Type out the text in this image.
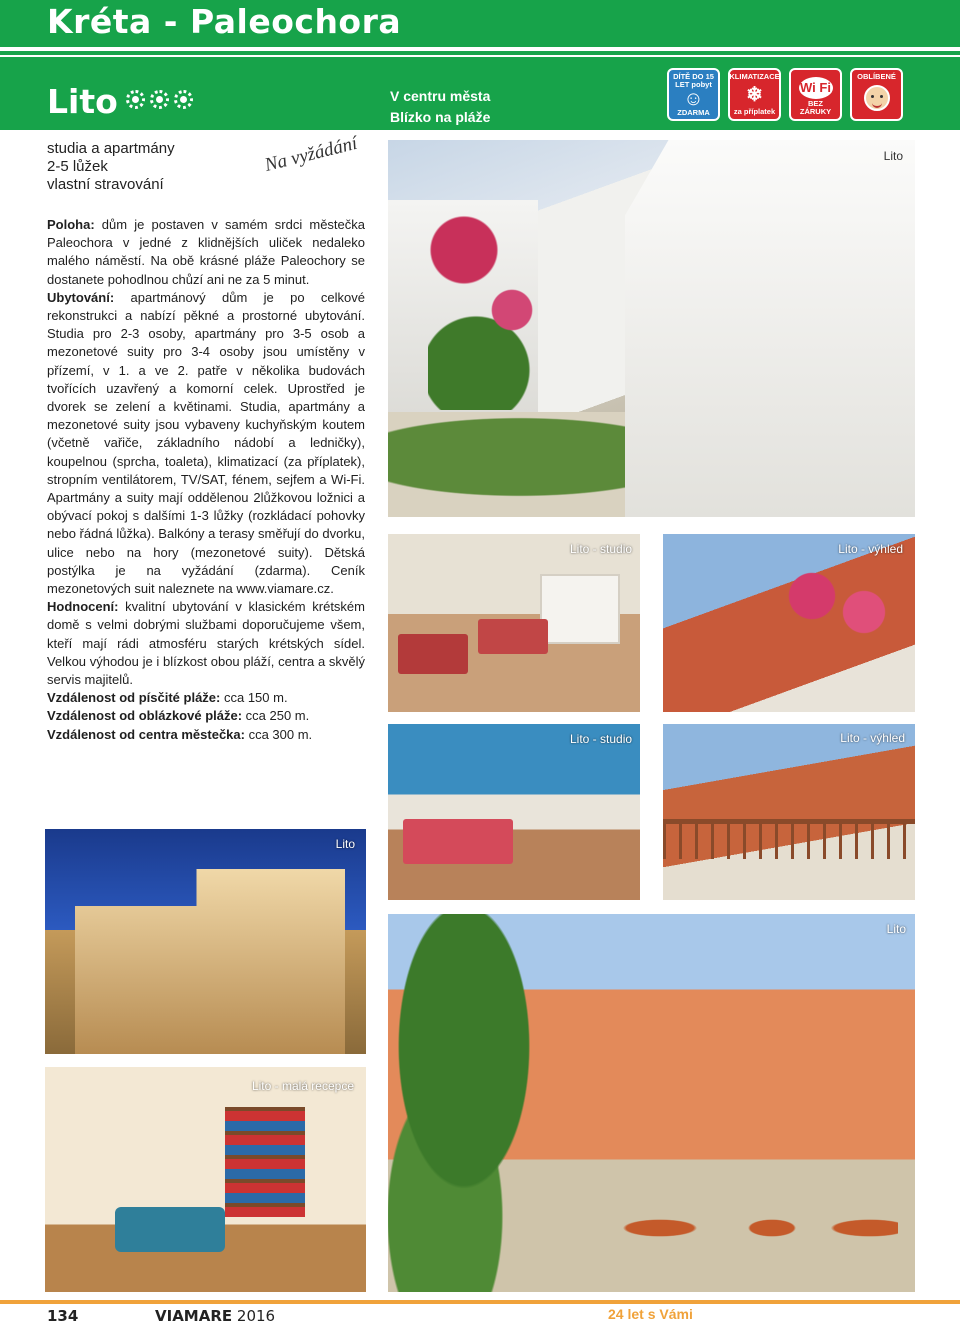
Kréta - Paleochora
Lito	V centru města
Blízko na pláže
DÍTĚ DO 15 LET pobyt
☺
ZDARMA
KLIMATIZACE
❄
za příplatek
Wi Fi
BEZ ZÁRUKY
OBLÍBENÉ
studia a apartmány
2-5 lůžek
vlastní stravování
Na vyžádání

Poloha: dům je postaven v samém srdci městečka Paleochora v jedné z klidnějších uliček nedaleko malého náměstí. Na obě krásné pláže Paleochory se dostanete pohodlnou chůzí ani ne za 5 minut.

Ubytování: apartmánový dům je po celkové rekonstrukci a nabízí pěkné a prostorné ubytování. Studia pro 2-3 osoby, apartmány pro 3-5 osob a mezonetové suity pro 3-4 osoby jsou umístěny v přízemí, v 1. a ve 2. patře v několika budovách tvořících uzavřený a komorní celek. Uprostřed je dvorek se zelení a květinami. Studia, apartmány a mezonetové suity jsou vybaveny kuchyňským koutem (včetně vařiče, základního nádobí a ledničky), koupelnou (sprcha, toaleta), klimatizací (za příplatek), stropním ventilátorem, TV/SAT, fénem, sejfem a Wi-Fi. Apartmány a suity mají oddělenou 2lůžkovou ložnici a obývací pokoj s dalšími 1-3 lůžky (rozkládací pohovky nebo řádná lůžka). Balkóny a terasy směřují do dvorku, ulice nebo na hory (mezonetové suity). Dětská postýlka je na vyžádání (zdarma). Ceník mezonetových suit naleznete na www.viamare.cz.

Hodnocení: kvalitní ubytování v klasickém krétském domě s velmi dobrými službami doporučujeme všem, kteří mají rádi atmosféru starých krétských sídel. Velkou výhodou je i blízkost obou pláží, centra a skvělý servis majitelů.

Vzdálenost od písčité pláže: cca 150 m.

Vzdálenost od oblázkové pláže: cca 250 m.

Vzdálenost od centra městečka: cca 300 m.

Lito
Lito - studio	Lito - výhled
Lito - studio	Lito - výhled
Lito
Lito - malá recepce
Lito
134	VIAMARE 2016	24 let s Vámi
